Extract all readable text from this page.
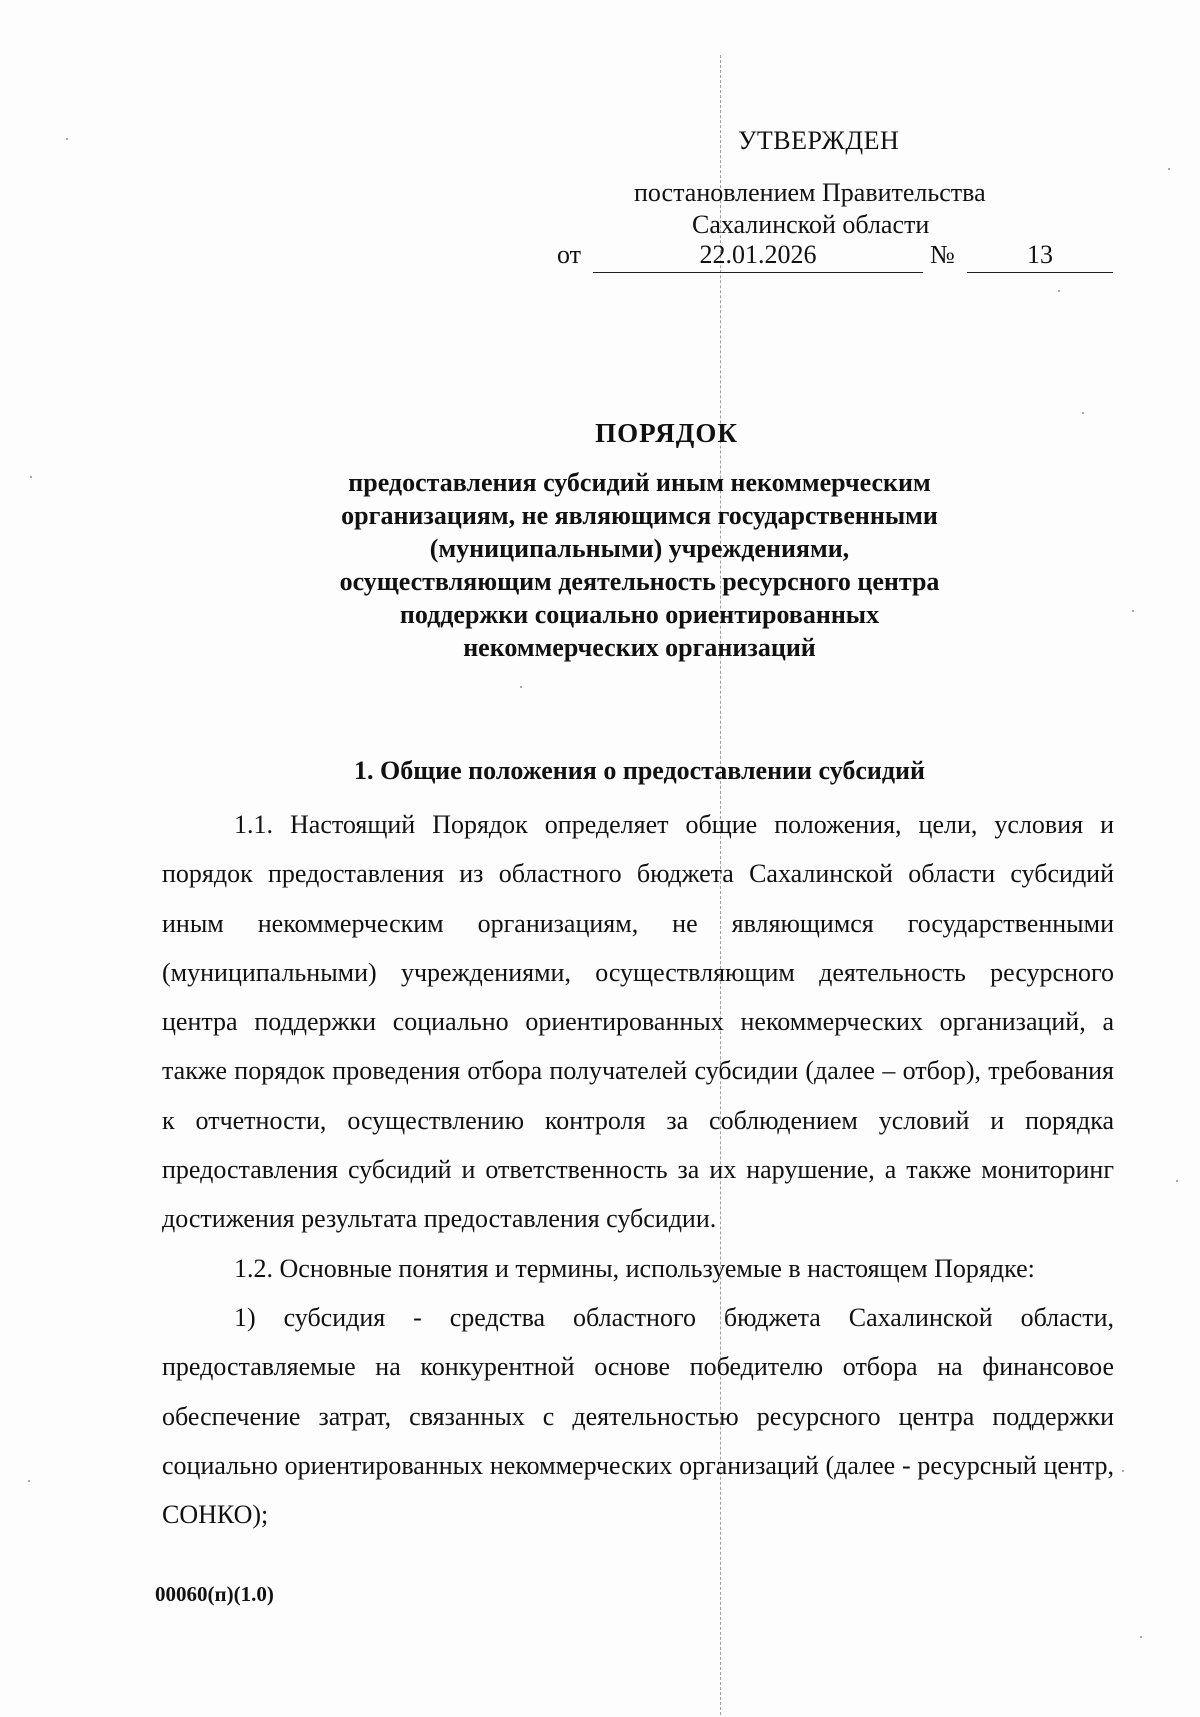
УТВЕРЖДЕН
постановлением Правительства
Сахалинской области
от	22.01.2026	№	13
ПОРЯДОК
предоставления субсидий иным некоммерческим
организациям, не являющимся государственными
(муниципальными) учреждениями,
осуществляющим деятельность ресурсного центра
поддержки социально ориентированных
некоммерческих организаций
1. Общие положения о предоставлении субсидий

1.1. Настоящий Порядок определяет общие положения, цели, условия и порядок предоставления из областного бюджета Сахалинской области субсидий иным некоммерческим организациям, не являющимся государственными (муниципальными) учреждениями, осуществляющим деятельность ресурсного центра поддержки социально ориентированных некоммерческих организаций, а также порядок проведения отбора получателей субсидии (далее – отбор), требования к отчетности, осуществлению контроля за соблюдением условий и порядка предоставления субсидий и ответственность за их нарушение, а также мониторинг достижения результата предоставления субсидии.

1.2. Основные понятия и термины, используемые в настоящем Порядке:

1) субсидия - средства областного бюджета Сахалинской области, предоставляемые на конкурентной основе победителю отбора на финансовое обеспечение затрат, связанных с деятельностью ресурсного центра поддержки социально ориентированных некоммерческих организаций (далее - ресурсный центр, СОНКО);

00060(п)(1.0)
